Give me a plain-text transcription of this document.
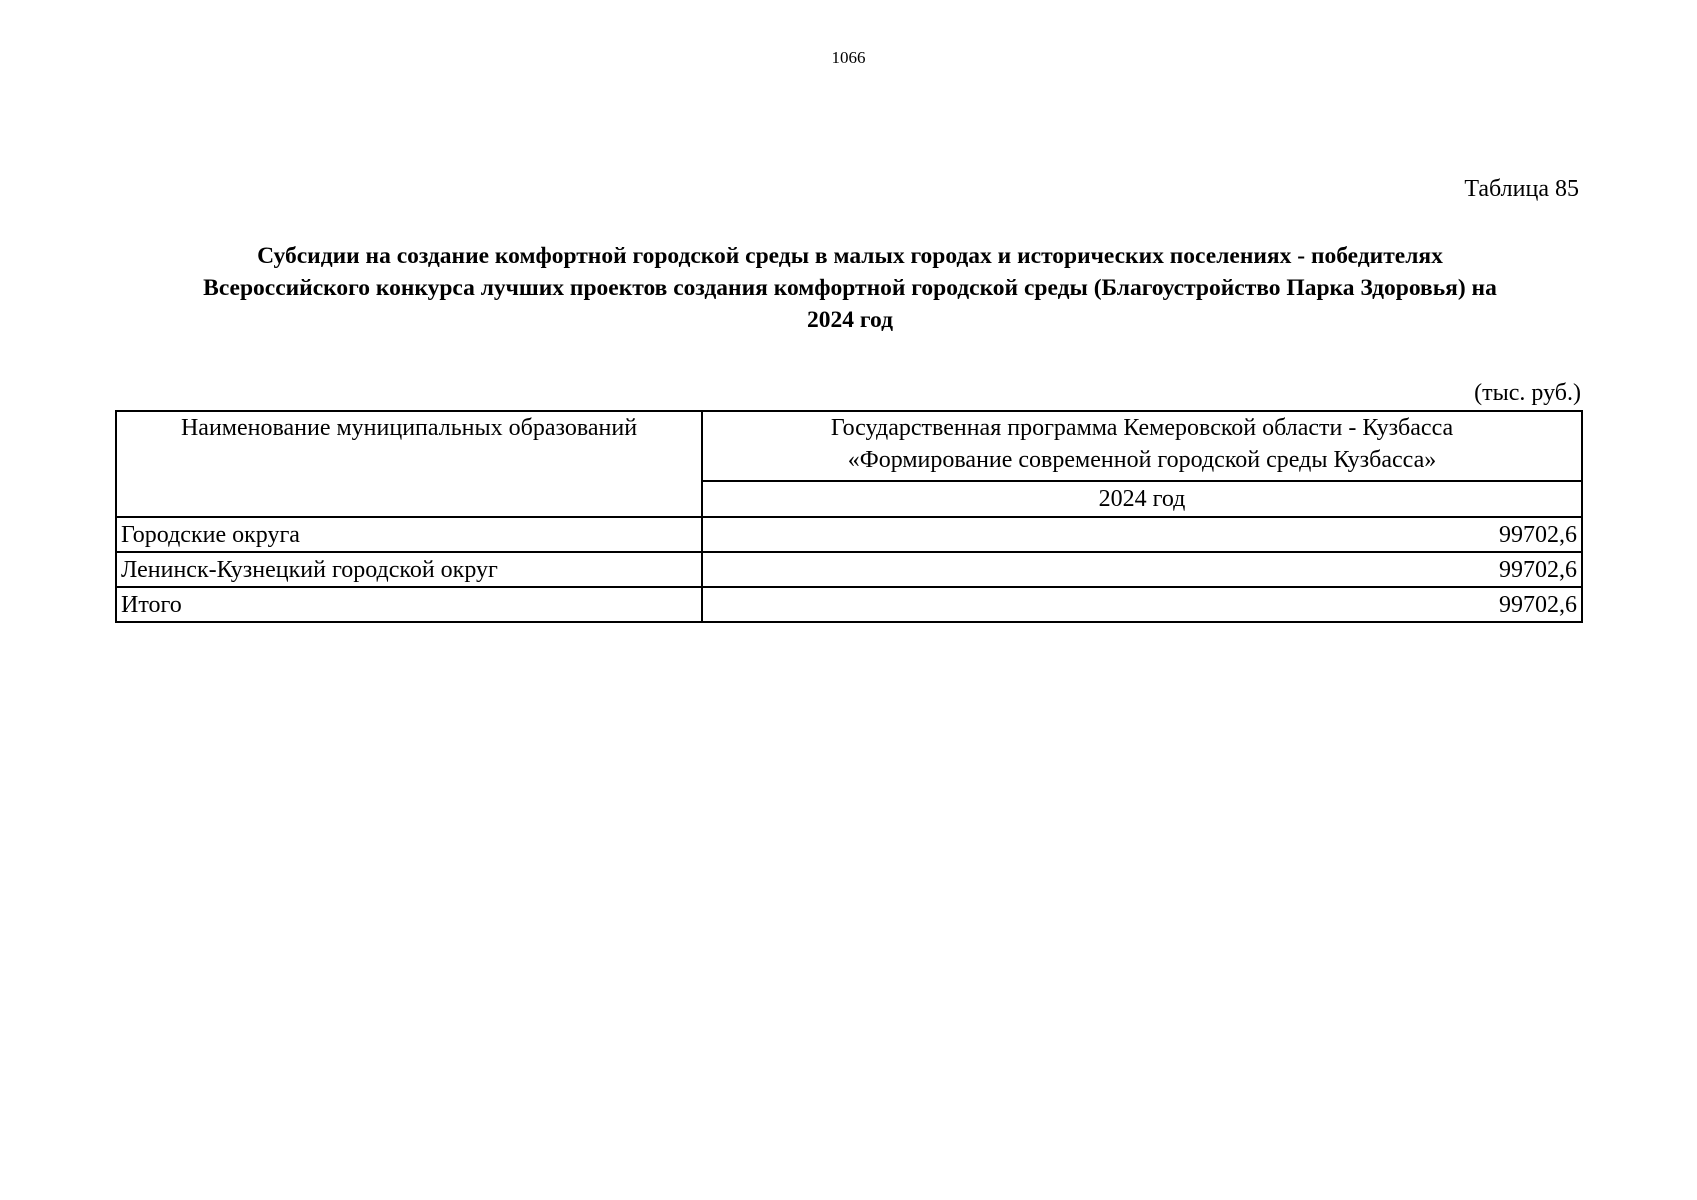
1066
Таблица 85
Субсидии на создание комфортной городской среды в малых городах и исторических поселениях - победителях
Всероссийского конкурса лучших проектов создания комфортной городской среды (Благоустройство Парка Здоровья) на
2024 год
(тыс. руб.)
Наименование муниципальных образований	Государственная программа Кемеровской области - Кузбасса
«Формирование современной городской среды Кузбасса»

	2024 год
Городские округа	99702,6
Ленинск-Кузнецкий городской округ	99702,6
Итого	99702,6
